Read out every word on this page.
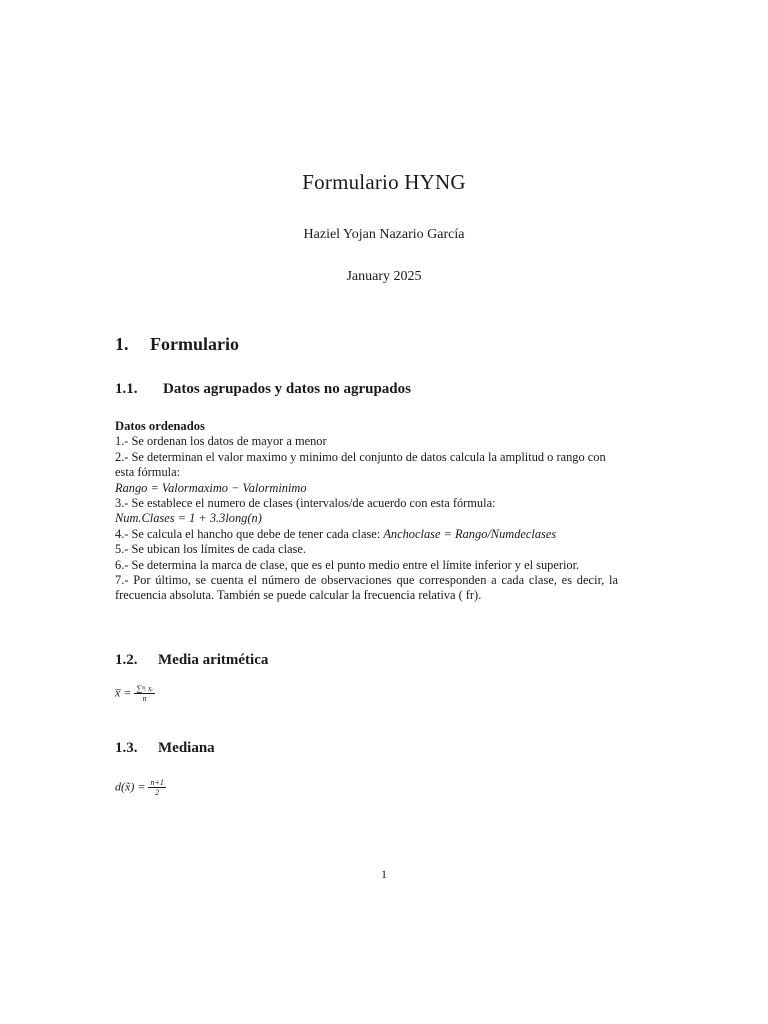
Formulario HYNG
Haziel Yojan Nazario García
January 2025
1. Formulario
1.1. Datos agrupados y datos no agrupados
Datos ordenados
1.- Se ordenan los datos de mayor a menor
2.- Se determinan el valor maximo y minimo del conjunto de datos calcula la amplitud o rango con
esta fórmula:
Rango = Valormaximo − Valorminimo
3.- Se establece el numero de clases (intervalos/de acuerdo con esta fórmula:
Num.Clases = 1 + 3.3long(n)
4.- Se calcula el hancho que debe de tener cada clase: Anchoclase = Rango/Numdeclases
5.- Se ubican los límites de cada clase.
6.- Se determina la marca de clase, que es el punto medio entre el límite inferior y el superior.
7.- Por último, se cuenta el número de observaciones que corresponden a cada clase, es decir, la
frecuencia absoluta. También se puede calcular la frecuencia relativa ( fr).
1.2. Media aritmética
x̅ = $\frac{\text{∑ⁿᵢ xᵢ}}{n}$
1.3. Mediana
d(x̃) = $\frac{n+1}{2}$
1
